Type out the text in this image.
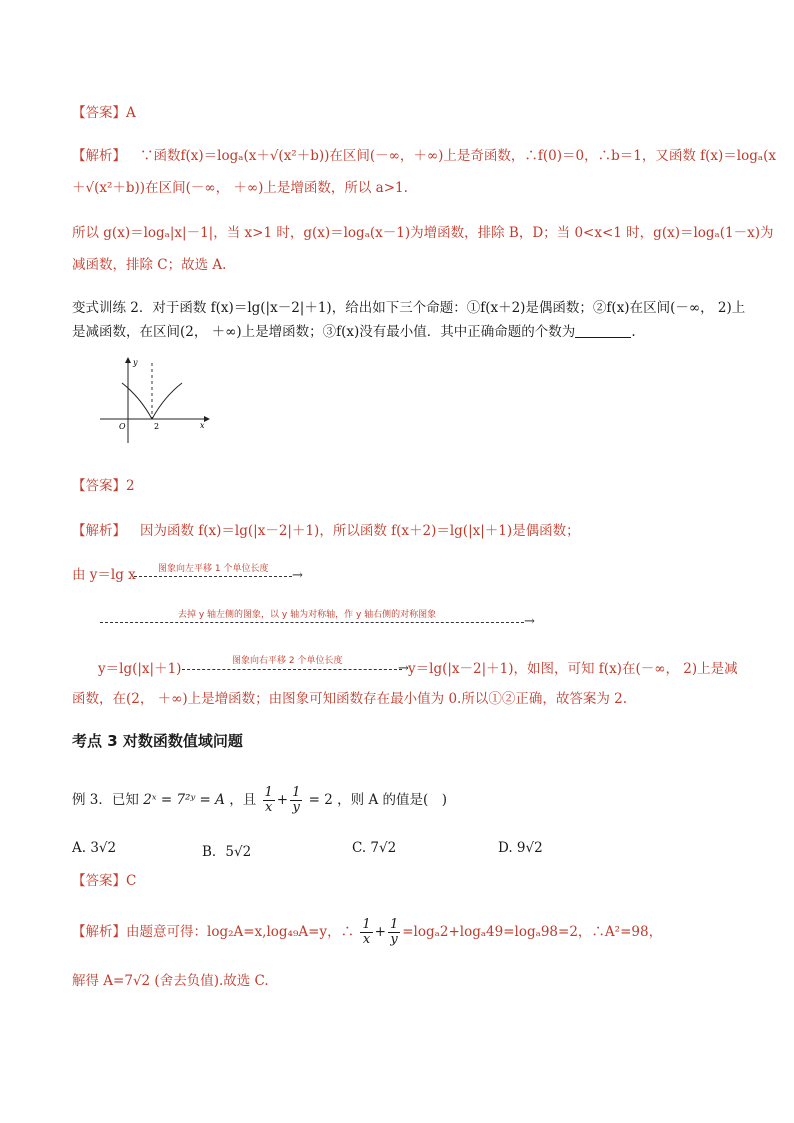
【答案】A
【解析】 ∵函数f(x)＝logₐ(x＋√(x²＋b))在区间(－∞，＋∞)上是奇函数，∴f(0)＝0，∴b＝1，又函数 f(x)＝logₐ(x
＋√(x²＋b))在区间(－∞， ＋∞)上是增函数，所以 a>1.
所以 g(x)＝logₐ|x|－1|，当 x>1 时，g(x)＝logₐ(x－1)为增函数，排除 B，D；当 0<x<1 时，g(x)＝logₐ(1－x)为
减函数，排除 C；故选 A.
变式训练 2．对于函数 f(x)＝lg(|x－2|＋1)，给出如下三个命题：①f(x＋2)是偶函数；②f(x)在区间(－∞， 2)上
是减函数，在区间(2， ＋∞)上是增函数；③f(x)没有最小值．其中正确命题的个数为	.
y
x
O	2
【答案】2
【解析】 因为函数 f(x)＝lg(|x－2|＋1)，所以函数 f(x＋2)＝lg(|x|＋1)是偶函数；
由 y＝lg x 图象向左平移 1 个单位长度 →
去掉 y 轴左侧的图象，以 y 轴为对称轴，作 y 轴右侧的对称图象	→
y＝lg(|x|＋1)	图象向右平移 2 个单位长度	→ y＝lg(|x－2|＋1)，如图，可知 f(x)在(－∞， 2)上是减
函数，在(2， ＋∞)上是增函数；由图象可知函数存在最小值为 0.所以①②正确，故答案为 2.
考点 3 对数函数值域问题
例 3．已知 2ˣ = 7²ʸ = A ，且 $\frac{1}{x} + \frac{1}{y} = 2$ ，则 A 的值是(　)
A. 3√2	B．5√2	C. 7√2	D. 9√2
【答案】C
【解析】由题意可得：log₂A=x,log₄₉A=y，∴ $\frac{1}{x} + \frac{1}{y} =\log_a2+\log_a49=\log_a98=2$，∴A²=98，
解得 A=7√2 (舍去负值).故选 C.
